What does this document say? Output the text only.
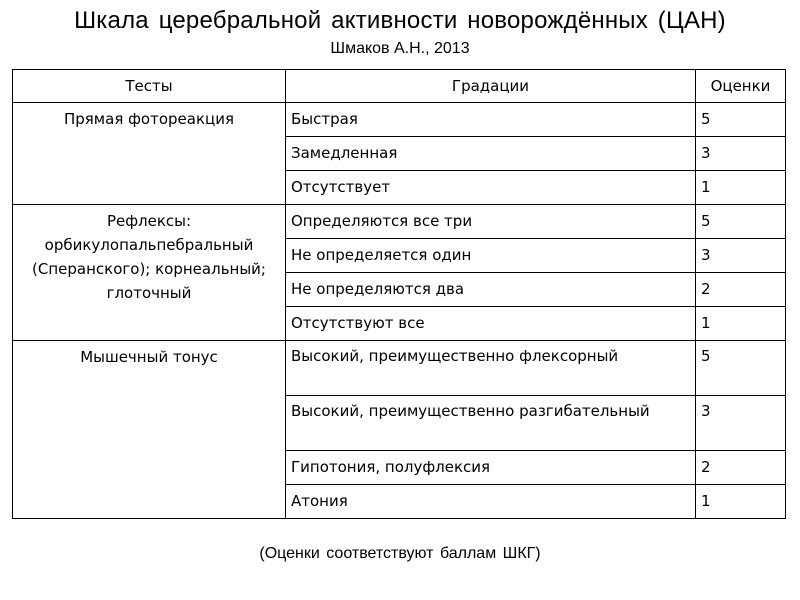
Шкала церебральной активности новорождённых (ЦАН)
Шмаков А.Н., 2013
Тесты	Градации	Оценки
Прямая фотореакция	Быстрая	5
	Замедленная	3
	Отсутствует	1
Рефлексы: орбикулопальпебральный (Сперанского); корнеальный; глоточный	Определяются все три	5
	Не определяется один	3
	Не определяются два	2
	Отсутствуют все	1
Мышечный тонус	Высокий, преимущественно флексорный	5
	Высокий, преимущественно разгибательный	3
	Гипотония, полуфлексия	2
	Атония	1
(Оценки соответствуют баллам ШКГ)
